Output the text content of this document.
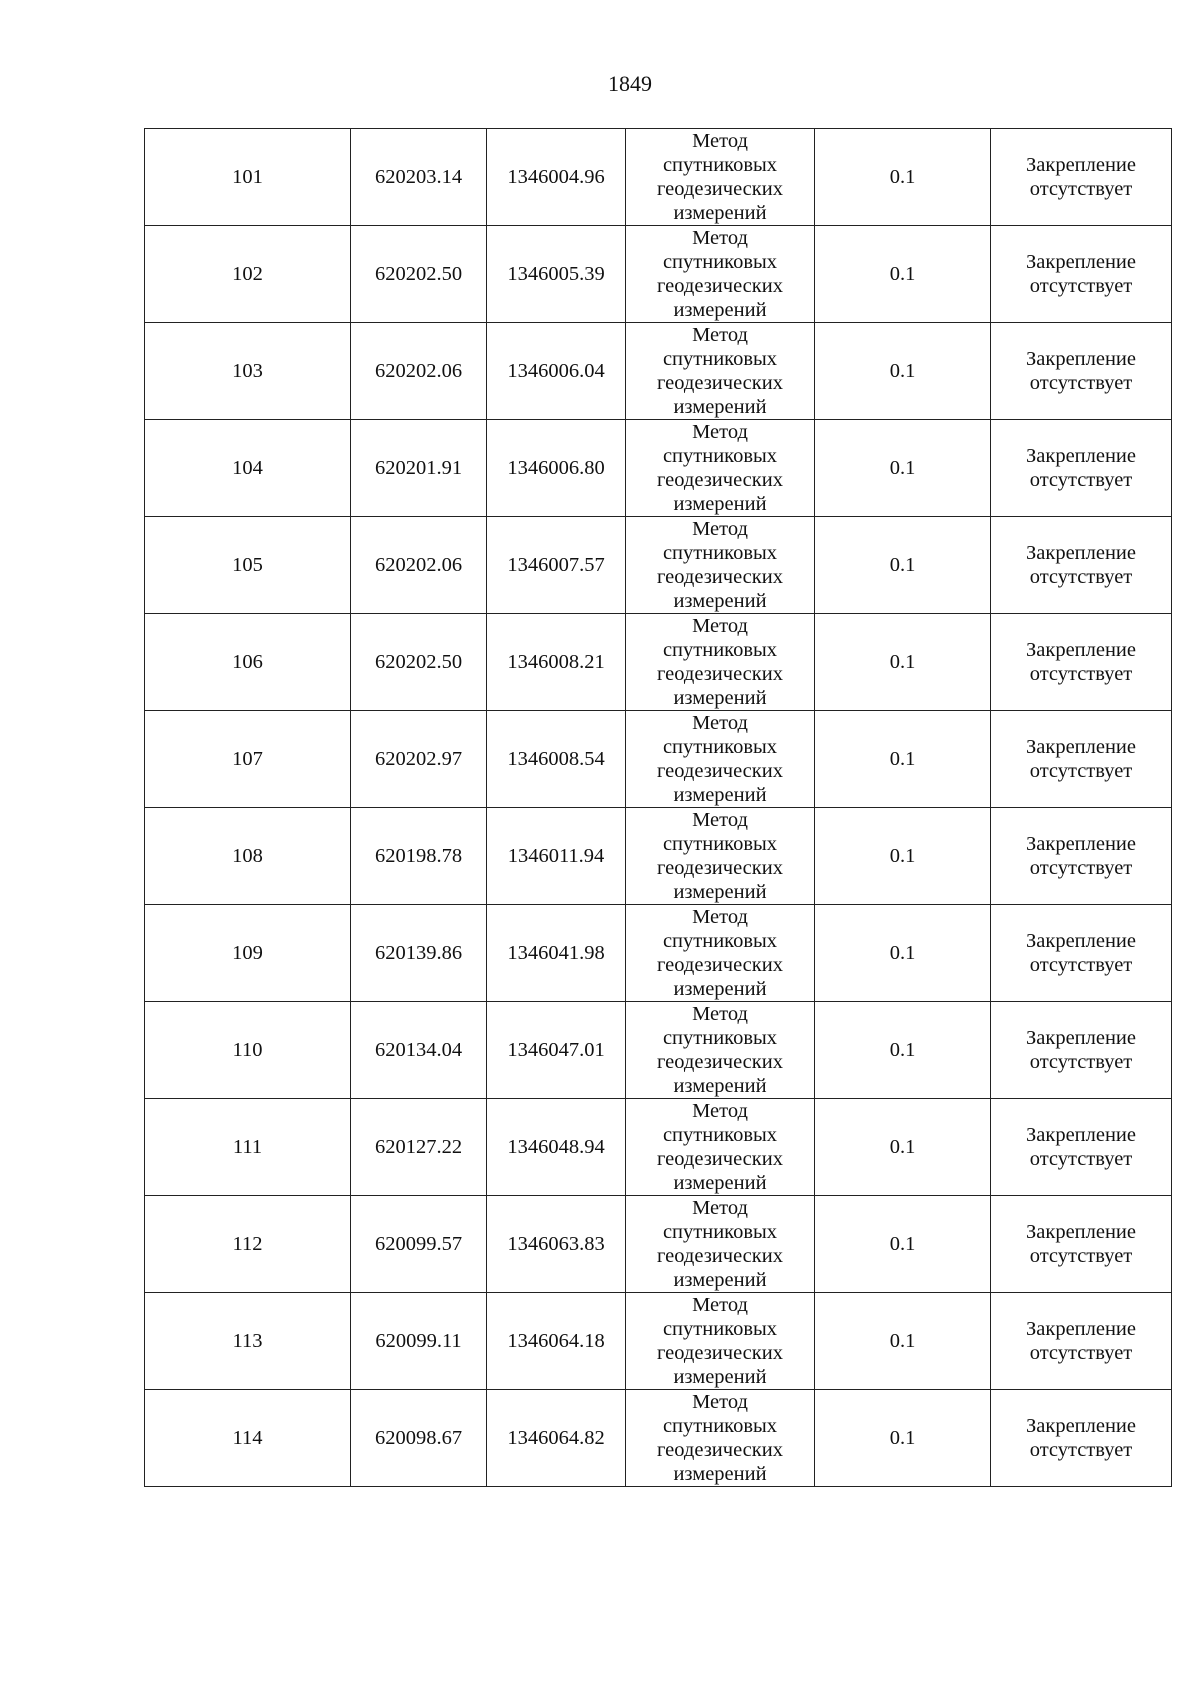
1849
101	620203.14	1346004.96	Метод
спутниковых
геодезических
измерений	0.1	Закрепление
отсутствует

102	620202.50	1346005.39	Метод
спутниковых
геодезических
измерений	0.1	Закрепление
отсутствует

103	620202.06	1346006.04	Метод
спутниковых
геодезических
измерений	0.1	Закрепление
отсутствует

104	620201.91	1346006.80	Метод
спутниковых
геодезических
измерений	0.1	Закрепление
отсутствует

105	620202.06	1346007.57	Метод
спутниковых
геодезических
измерений	0.1	Закрепление
отсутствует

106	620202.50	1346008.21	Метод
спутниковых
геодезических
измерений	0.1	Закрепление
отсутствует

107	620202.97	1346008.54	Метод
спутниковых
геодезических
измерений	0.1	Закрепление
отсутствует

108	620198.78	1346011.94	Метод
спутниковых
геодезических
измерений	0.1	Закрепление
отсутствует

109	620139.86	1346041.98	Метод
спутниковых
геодезических
измерений	0.1	Закрепление
отсутствует

110	620134.04	1346047.01	Метод
спутниковых
геодезических
измерений	0.1	Закрепление
отсутствует

111	620127.22	1346048.94	Метод
спутниковых
геодезических
измерений	0.1	Закрепление
отсутствует

112	620099.57	1346063.83	Метод
спутниковых
геодезических
измерений	0.1	Закрепление
отсутствует

113	620099.11	1346064.18	Метод
спутниковых
геодезических
измерений	0.1	Закрепление
отсутствует

114	620098.67	1346064.82	Метод
спутниковых
геодезических
измерений	0.1	Закрепление
отсутствует
